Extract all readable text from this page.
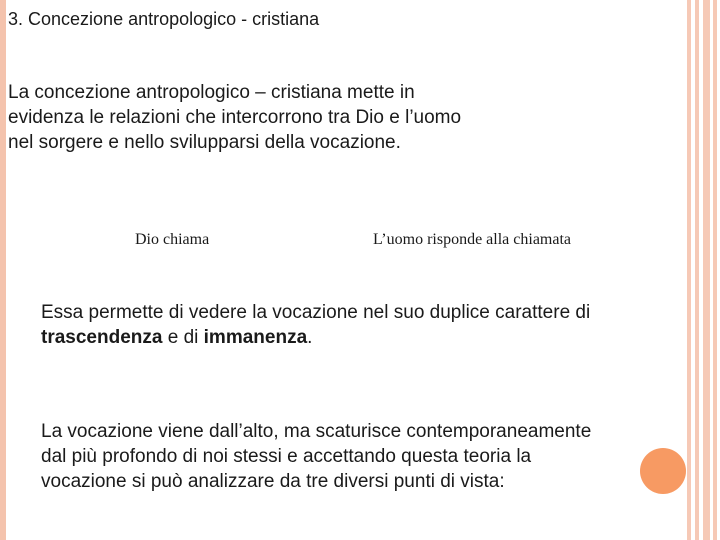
3. Concezione antropologico - cristiana
La concezione antropologico – cristiana mette in
evidenza le relazioni che intercorrono tra Dio e l’uomo
nel sorgere e nello svilupparsi della vocazione.
Dio chiama	L’uomo risponde alla chiamata
Essa permette di vedere la vocazione nel suo duplice carattere di
trascendenza e di immanenza.
La vocazione viene dall’alto, ma scaturisce contemporaneamente
dal più profondo di noi stessi e accettando questa teoria la
vocazione si può analizzare da tre diversi punti di vista:
